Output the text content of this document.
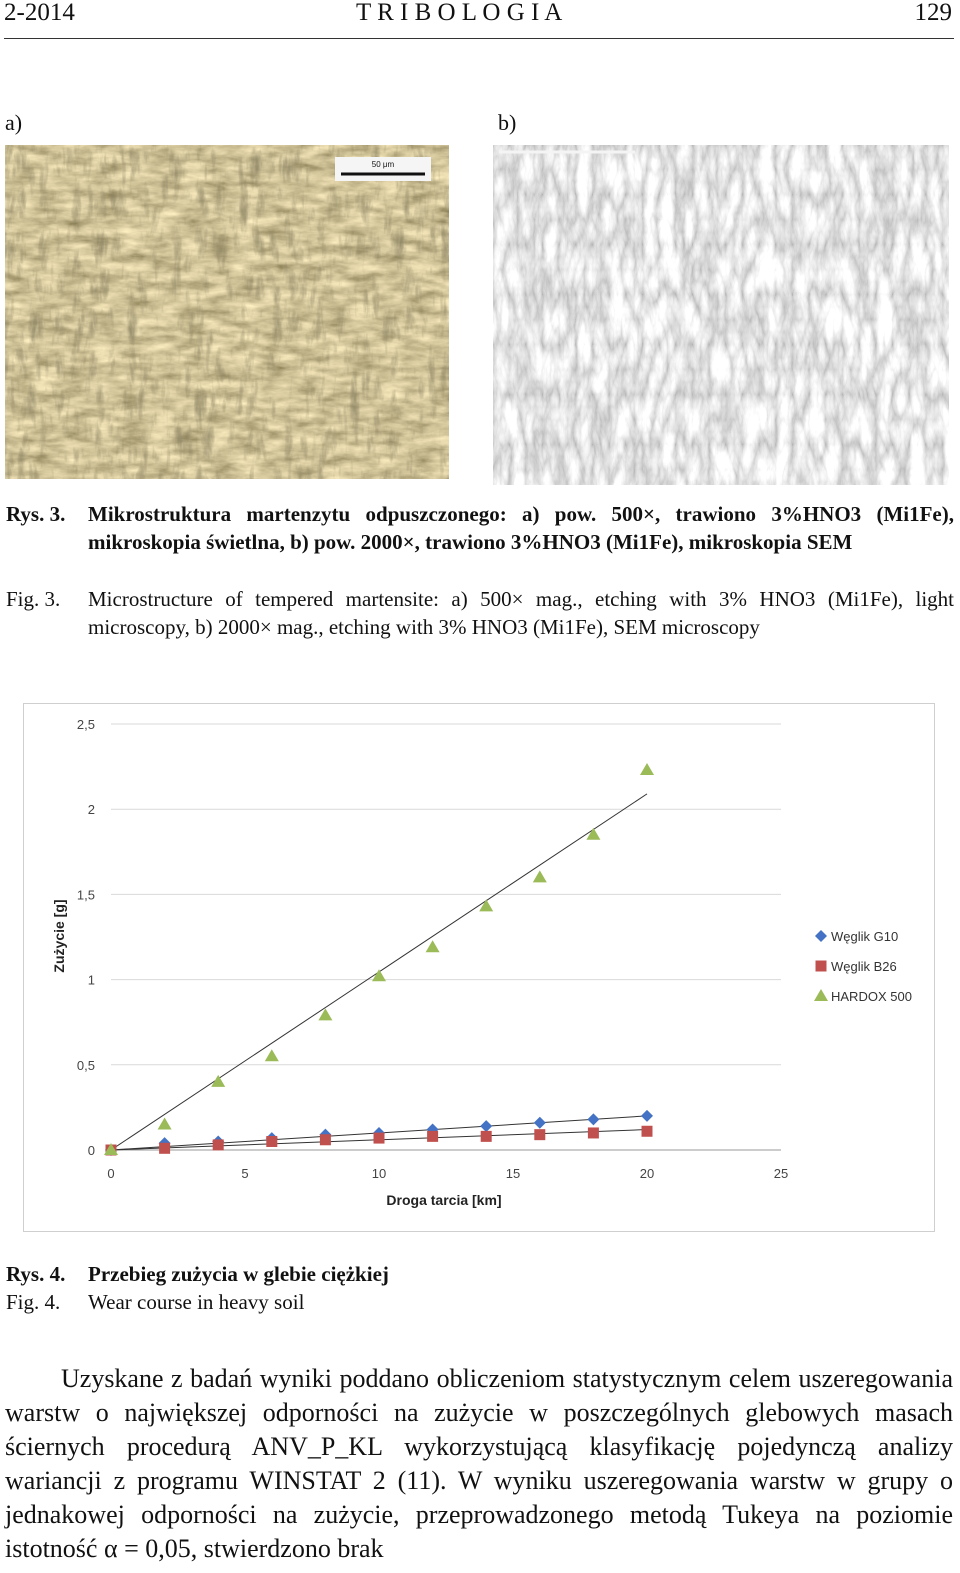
2-2014	T R I B O L O G I A	129
a)	b)
50 μm
Rys. 3. Mikrostruktura martenzytu odpuszczonego: a) pow. 500×, trawiono 3%HNO3 (Mi1Fe), mikroskopia świetlna, b) pow. 2000×, trawiono 3%HNO3 (Mi1Fe), mikroskopia SEM
Fig. 3. Microstructure of tempered martensite: a) 500× mag., etching with 3% HNO3 (Mi1Fe), light microscopy, b) 2000× mag., etching with 3% HNO3 (Mi1Fe), SEM microscopy
0
0,5
1
1,5
2
2,5
0	5	10	15	20	25
Zużycie [g]
Droga tarcia [km]
Węglik G10
Węglik B26
HARDOX 500
Rys. 4. Przebieg zużycia w glebie ciężkiej
Fig. 4. Wear course in heavy soil
Uzyskane z badań wyniki poddano obliczeniom statystycznym celem uszeregowania warstw o największej odporności na zużycie w poszczególnych glebowych masach ściernych procedurą ANV_P_KL wykorzystującą klasyfikację pojedynczą analizy wariancji z programu WINSTAT 2 (11). W wyniku uszeregowania warstw w grupy o jednakowej odporności na zużycie, przeprowadzonego metodą Tukeya na poziomie istotność α = 0,05, stwierdzono brak
